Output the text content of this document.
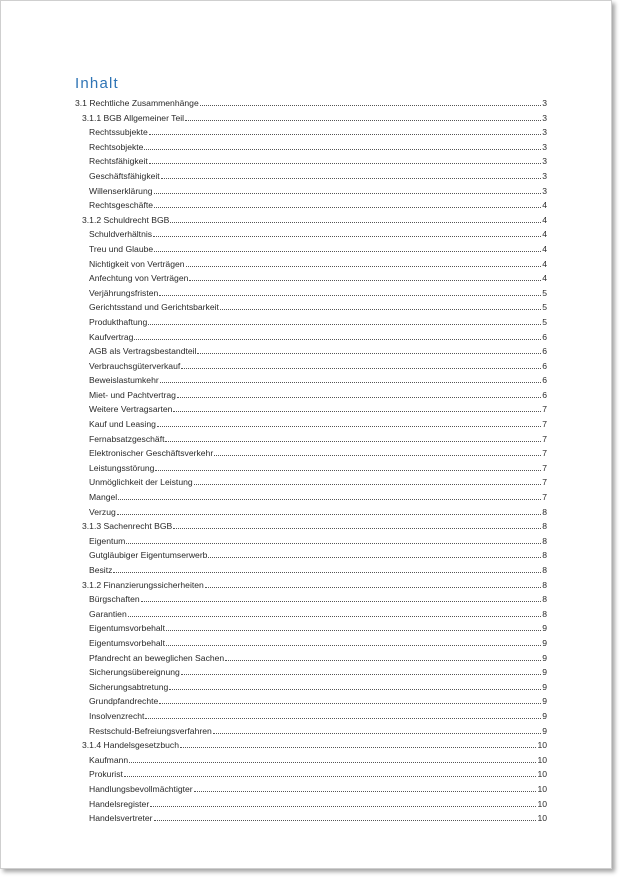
Inhalt
3.1 Rechtliche Zusammenhänge	3
3.1.1 BGB Allgemeiner Teil	3
Rechtssubjekte	3
Rechtsobjekte	3
Rechtsfähigkeit	3
Geschäftsfähigkeit	3
Willenserklärung	3
Rechtsgeschäfte	4
3.1.2 Schuldrecht BGB	4
Schuldverhältnis	4
Treu und Glaube	4
Nichtigkeit von Verträgen	4
Anfechtung von Verträgen	4
Verjährungsfristen	5
Gerichtsstand und Gerichtsbarkeit	5
Produkthaftung	5
Kaufvertrag	6
AGB als Vertragsbestandteil	6
Verbrauchsgüterverkauf	6
Beweislastumkehr	6
Miet- und Pachtvertrag	6
Weitere Vertragsarten	7
Kauf und Leasing	7
Fernabsatzgeschäft	7
Elektronischer Geschäftsverkehr	7
Leistungsstörung	7
Unmöglichkeit der Leistung	7
Mangel	7
Verzug	8
3.1.3 Sachenrecht BGB	8
Eigentum	8
Gutgläubiger Eigentumserwerb	8
Besitz	8
3.1.2 Finanzierungssicherheiten	8
Bürgschaften	8
Garantien	8
Eigentumsvorbehalt	9
Eigentumsvorbehalt	9
Pfandrecht an beweglichen Sachen	9
Sicherungsübereignung	9
Sicherungsabtretung	9
Grundpfandrechte	9
Insolvenzrecht	9
Restschuld-Befreiungsverfahren	9
3.1.4 Handelsgesetzbuch	10
Kaufmann	10
Prokurist	10
Handlungsbevollmächtigter	10
Handelsregister	10
Handelsvertreter	10
